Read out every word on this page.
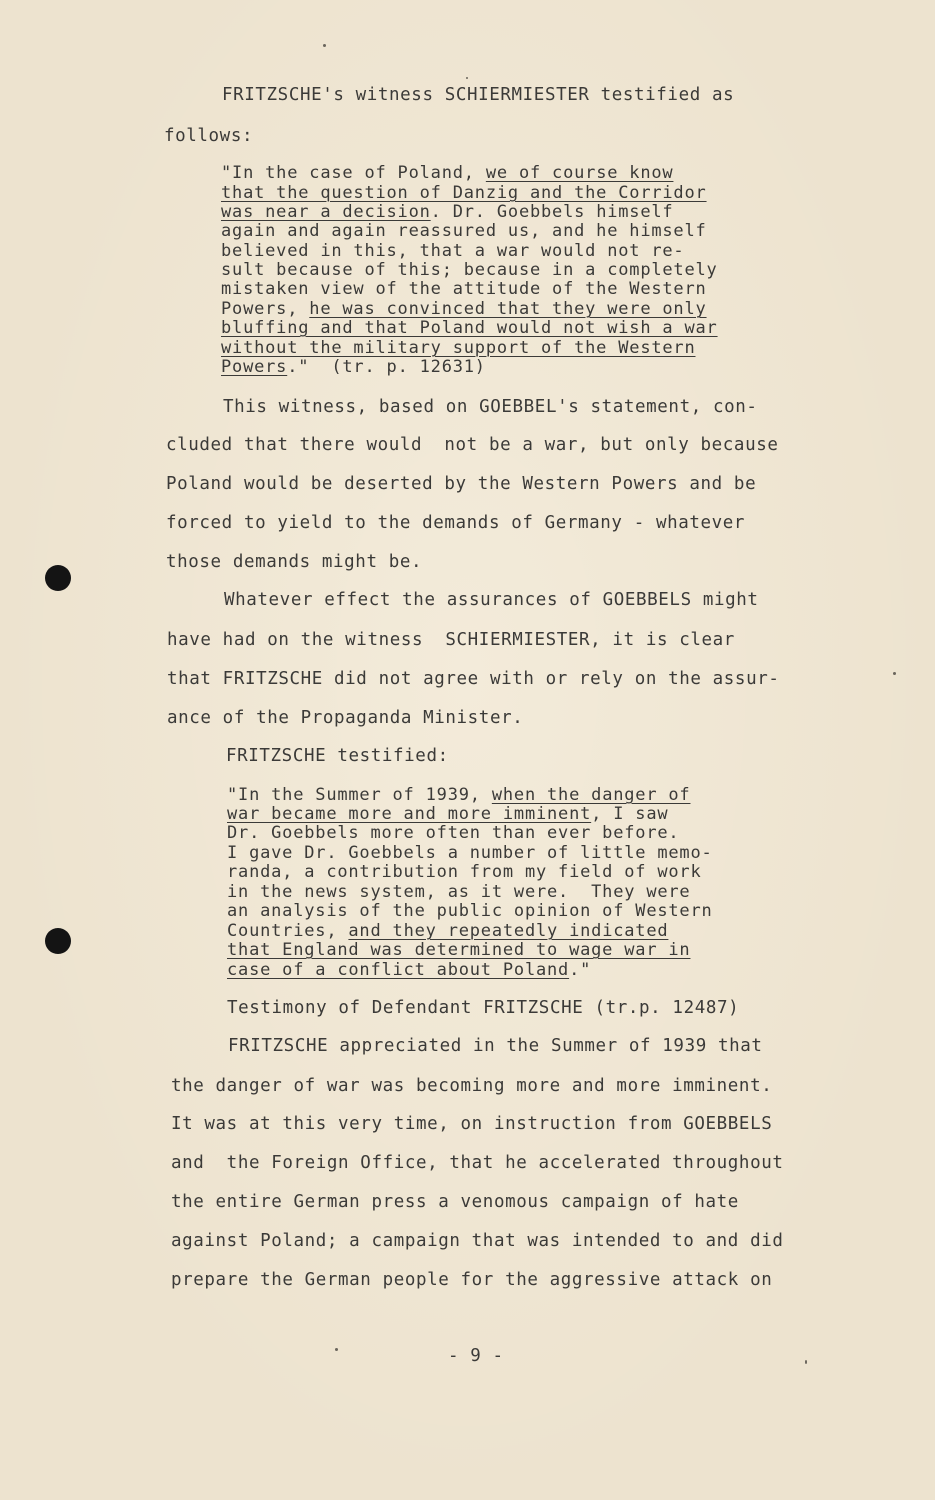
FRITZSCHE's witness SCHIERMIESTER testified as
follows:
"In the case of Poland, we of course know
that the question of Danzig and the Corridor
was near a decision. Dr. Goebbels himself
again and again reassured us, and he himself
believed in this, that a war would not re-
sult because of this; because in a completely
mistaken view of the attitude of the Western
Powers, he was convinced that they were only
bluffing and that Poland would not wish a war
without the military support of the Western
Powers."  (tr. p. 12631)
This witness, based on GOEBBEL's statement, con-
cluded that there would  not be a war, but only because
Poland would be deserted by the Western Powers and be
forced to yield to the demands of Germany - whatever
those demands might be.
Whatever effect the assurances of GOEBBELS might
have had on the witness  SCHIERMIESTER, it is clear
that FRITZSCHE did not agree with or rely on the assur-
ance of the Propaganda Minister.
FRITZSCHE testified:
"In the Summer of 1939, when the danger of
war became more and more imminent, I saw
Dr. Goebbels more often than ever before.
I gave Dr. Goebbels a number of little memo-
randa, a contribution from my field of work
in the news system, as it were.  They were
an analysis of the public opinion of Western
Countries, and they repeatedly indicated
that England was determined to wage war in
case of a conflict about Poland."
Testimony of Defendant FRITZSCHE (tr.p. 12487)
FRITZSCHE appreciated in the Summer of 1939 that
the danger of war was becoming more and more imminent.
It was at this very time, on instruction from GOEBBELS
and  the Foreign Office, that he accelerated throughout
the entire German press a venomous campaign of hate
against Poland; a campaign that was intended to and did
prepare the German people for the aggressive attack on
- 9 -
